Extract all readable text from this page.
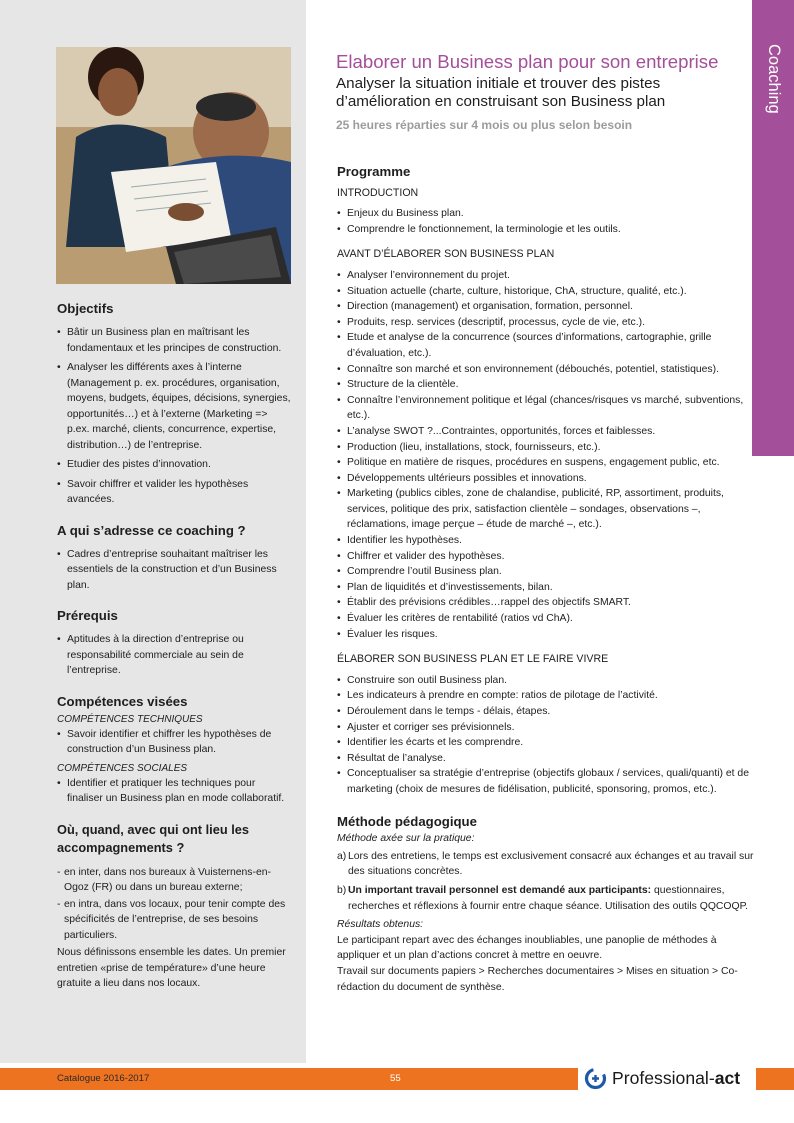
Objectifs
• Bâtir un Business plan en maîtrisant les fondamentaux et les principes de construction.
• Analyser les différents axes à l’interne (Management p. ex. procédures, organisation, moyens, budgets, équipes, décisions, synergies, opportunités…) et à l’externe (Marketing => p.ex. marché, clients, concurrence, expertise, distribution…) de l’entreprise.
• Etudier des pistes d’innovation.
• Savoir chiffrer et valider les hypothèses avancées.
A qui s’adresse ce coaching ?
• Cadres d’entreprise souhaitant maîtriser les essentiels de la construction et d’un Business plan.
Prérequis
• Aptitudes à la direction d’entreprise ou responsabilité commerciale au sein de l’entreprise.
Compétences visées
COMPÉTENCES TECHNIQUES
• Savoir identifier et chiffrer les hypothèses de construction d’un Business plan.
COMPÉTENCES SOCIALES
• Identifier et pratiquer les techniques pour finaliser un Business plan en mode collaboratif.
Où, quand, avec qui ont lieu les accompagnements ?
- en inter, dans nos bureaux à Vuisternens-en-Ogoz (FR) ou dans un bureau externe;
- en intra, dans vos locaux, pour tenir compte des spécificités de l’entreprise, de ses besoins particuliers.

Nous définissons ensemble les dates. Un premier entretien «prise de température» d’une heure gratuite a lieu dans nos locaux.

Coaching
Elaborer un Business plan pour son entreprise
Analyser la situation initiale et trouver des pistes d’amélioration en construisant son Business plan
25 heures réparties sur 4 mois ou plus selon besoin
Programme
INTRODUCTION
• Enjeux du Business plan.
• Comprendre le fonctionnement, la terminologie et les outils.
AVANT D’ÉLABORER SON BUSINESS PLAN
• Analyser l’environnement du projet.
• Situation actuelle (charte, culture, historique, ChA, structure, qualité, etc.).
• Direction (management) et organisation, formation, personnel.
• Produits, resp. services (descriptif, processus, cycle de vie, etc.).
• Etude et analyse de la concurrence (sources d’informations, cartographie, grille d’évaluation, etc.).
• Connaître son marché et son environnement (débouchés, potentiel, statistiques).
• Structure de la clientèle.
• Connaître l’environnement politique et légal (chances/risques vs marché, subventions, etc.).
• L’analyse SWOT ?...Contraintes, opportunités, forces et faiblesses.
• Production (lieu, installations, stock, fournisseurs, etc.).
• Politique en matière de risques, procédures en suspens, engagement public, etc.
• Développements ultérieurs possibles et innovations.
• Marketing (publics cibles, zone de chalandise, publicité, RP, assortiment, produits, services, politique des prix, satisfaction clientèle – sondages, observations –, réclamations, image perçue – étude de marché –, etc.).
• Identifier les hypothèses.
• Chiffrer et valider des hypothèses.
• Comprendre l’outil Business plan.
• Plan de liquidités et d’investissements, bilan.
• Établir des prévisions crédibles…rappel des objectifs SMART.
• Évaluer les critères de rentabilité (ratios vd ChA).
• Évaluer les risques.
ÉLABORER SON BUSINESS PLAN ET LE FAIRE VIVRE
• Construire son outil Business plan.
• Les indicateurs à prendre en compte: ratios de pilotage de l’activité.
• Déroulement dans le temps - délais, étapes.
• Ajuster et corriger ses prévisionnels.
• Identifier les écarts et les comprendre.
• Résultat de l’analyse.
• Conceptualiser sa stratégie d’entreprise (objectifs globaux / services, quali/quanti) et de marketing (choix de mesures de fidélisation, publicité, sponsoring, promos, etc.).
Méthode pédagogique
Méthode axée sur la pratique:
a) Lors des entretiens, le temps est exclusivement consacré aux échanges et au travail sur des situations concrètes.
b) Un important travail personnel est demandé aux participants: questionnaires, recherches et réflexions à fournir entre chaque séance. Utilisation des outils QQCOQP.
Résultats obtenus:

Le participant repart avec des échanges inoubliables, une panoplie de méthodes à appliquer et un plan d’actions concret à mettre en oeuvre.

Travail sur documents papiers > Recherches documentaires > Mises en situation > Co-rédaction du document de synthèse.

Catalogue 2016-2017	55	Professional-act
